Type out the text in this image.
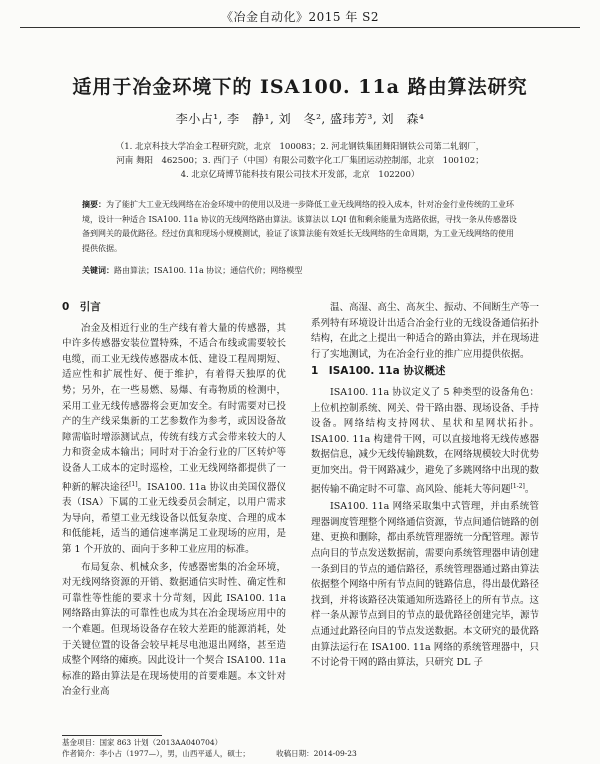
《冶金自动化》2015 年 S2
适用于冶金环境下的 ISA100. 11a 路由算法研究
李小占¹, 李　静¹, 刘　冬², 盛玮芳³, 刘　森⁴
（1. 北京科技大学冶金工程研究院，北京　100083；2. 河北钢铁集团舞阳钢铁公司第二轧钢厂，
河南 舞阳　462500；3. 西门子（中国）有限公司数字化工厂集团运动控制部，北京　100102；
4. 北京亿琦博节能科技有限公司技术开发部，北京　102200）
摘要：为了能扩大工业无线网络在冶金环境中的使用以及进一步降低工业无线网络的投入成本，针对冶金行业传统的工业环境，设计一种适合 ISA100. 11a 协议的无线网络路由算法。该算法以 LQI 值和剩余能量为选路依据，寻找一条从传感器设备到网关的最优路径。经过仿真和现场小规模测试，验证了该算法能有效延长无线网络的生命周期，为工业无线网络的使用提供依据。
关键词：路由算法；ISA100. 11a 协议；通信代价；网络模型
0　引言

冶金及相近行业的生产线有着大量的传感器，其中许多传感器安装位置特殊，不适合布线或需要较长电缆，而工业无线传感器成本低、建设工程周期短、适应性和扩展性好、便于维护，有着得天独厚的优势；另外，在一些易燃、易爆、有毒物质的检测中，采用工业无线传感器将会更加安全。有时需要对已投产的生产线采集新的工艺参数作为参考，或因设备故障需临时增添测试点，传统有线方式会带来较大的人力和资金成本输出；同时对于冶金行业的厂区转炉等设备人工成本的定时巡检，工业无线网络都提供了一种新的解决途径[1]。ISA100. 11a 协议由美国仪器仪表（ISA）下属的工业无线委员会制定，以用户需求为导向，希望工业无线设备以低复杂度、合理的成本和低能耗，适当的通信速率满足工业现场的应用，是第 1 个开放的、面向于多种工业应用的标准。

布局复杂、机械众多，传感器密集的冶金环境，对无线网络资源的开销、数据通信实时性、确定性和可靠性等性能的要求十分苛刻，因此 ISA100. 11a 网络路由算法的可靠性也成为其在冶金现场应用中的一个难题。但现场设备存在较大差距的能源消耗，处于关键位置的设备会较早耗尽电池退出网络，甚至造成整个网络的瘫痪。因此设计一个契合 ISA100. 11a 标准的路由算法是在现场使用的首要难题。本文针对冶金行业高

温、高湿、高尘、高灰尘、振动、不间断生产等一系列特有环境设计出适合冶金行业的无线设备通信拓扑结构，在此之上提出一种适合的路由算法，并在现场进行了实地测试，为在冶金行业的推广应用提供依据。

1　ISA100. 11a 协议概述

ISA100. 11a 协议定义了 5 种类型的设备角色：上位机控制系统、网关、骨干路由器、现场设备、手持设备。网络结构支持网状、星状和星网状拓扑。ISA100. 11a 构建骨干网，可以直接地将无线传感器数据信息，减少无线传输跳数，在网络规模较大时优势更加突出。骨干网路减少，避免了多跳网络中出现的数据传输不确定时不可靠、高风险、能耗大等问题[1-2]。

ISA100. 11a 网络采取集中式管理，并由系统管理器调度管理整个网络通信资源，节点间通信链路的创建、更换和删除，都由系统管理器统一分配管理。源节点向目的节点发送数据前，需要向系统管理器申请创建一条到目的节点的通信路径，系统管理器通过路由算法依据整个网络中所有节点间的链路信息，得出最优路径找到，并将该路径决策通知所选路径上的所有节点。这样一条从源节点到目的节点的最优路径创建完毕，源节点通过此路径向目的节点发送数据。本文研究的最优路由算法运行在 ISA100. 11a 网络的系统管理器中，只不讨论骨干网的路由算法，只研究 DL 子

基金项目：国家 863 计划（2013AA040704）
作者简介：李小占（1977—），男，山西平遥人，硕士；　　　　收稿日期：2014-09-23
